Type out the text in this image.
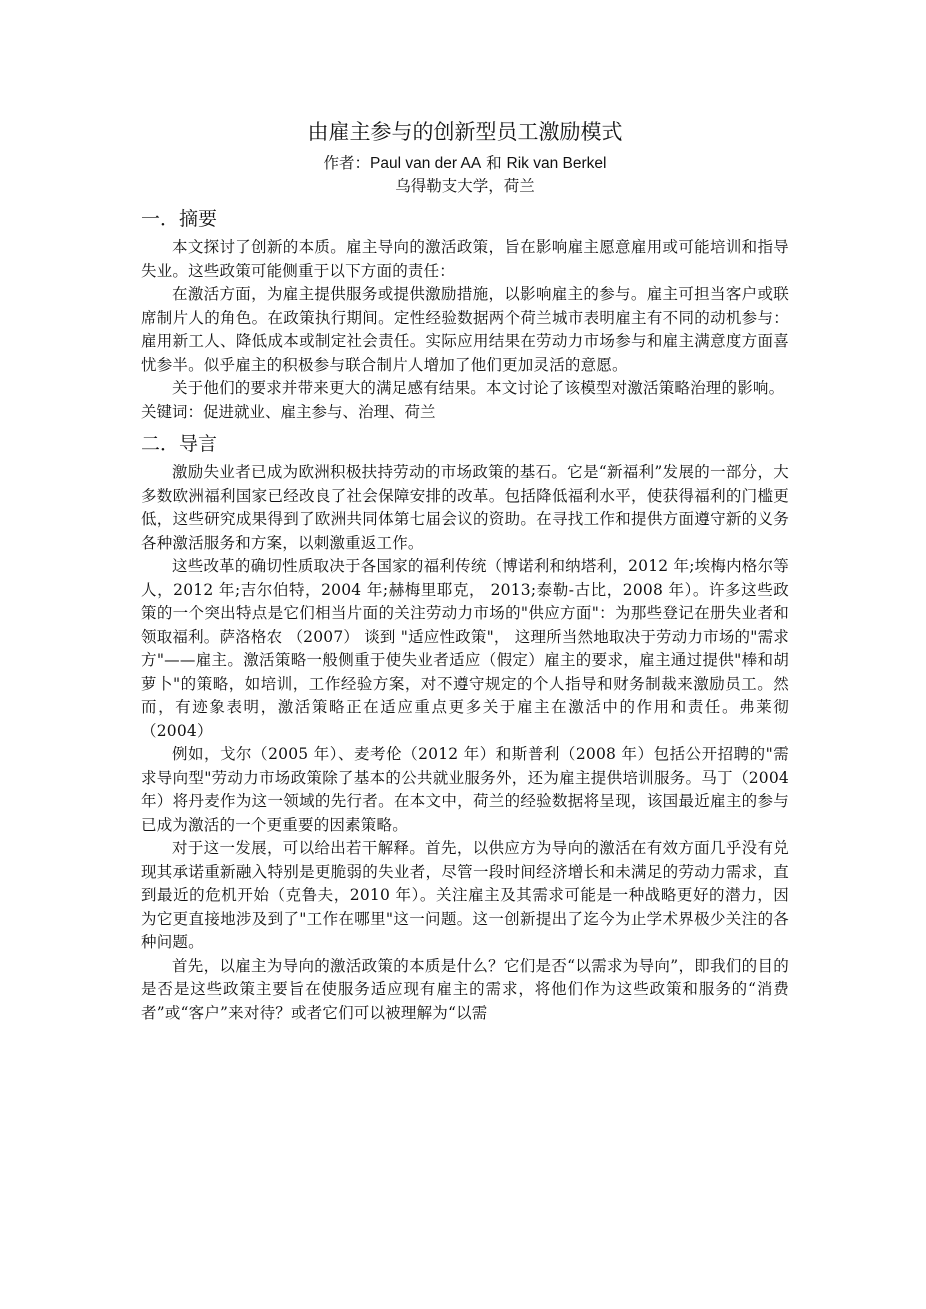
由雇主参与的创新型员工激励模式

作者：Paul van der AA 和 Rik van Berkel

乌得勒支大学，荷兰

一．摘要

本文探讨了创新的本质。雇主导向的激活政策，旨在影响雇主愿意雇用或可能培训和指导失业。这些政策可能侧重于以下方面的责任：

在激活方面，为雇主提供服务或提供激励措施，以影响雇主的参与。雇主可担当客户或联席制片人的角色。在政策执行期间。定性经验数据两个荷兰城市表明雇主有不同的动机参与：雇用新工人、降低成本或制定社会责任。实际应用结果在劳动力市场参与和雇主满意度方面喜忧参半。似乎雇主的积极参与联合制片人增加了他们更加灵活的意愿。

关于他们的要求并带来更大的满足感有结果。本文讨论了该模型对激活策略治理的影响。

关键词：促进就业、雇主参与、治理、荷兰

二．导言

激励失业者已成为欧洲积极扶持劳动的市场政策的基石。它是“新福利”发展的一部分，大多数欧洲福利国家已经改良了社会保障安排的改革。包括降低福利水平，使获得福利的门槛更低，这些研究成果得到了欧洲共同体第七届会议的资助。在寻找工作和提供方面遵守新的义务各种激活服务和方案，以刺激重返工作。

这些改革的确切性质取决于各国家的福利传统（博诺利和纳塔利，2012 年;埃梅内格尔等人，2012 年;吉尔伯特，2004 年;赫梅里耶克， 2013;泰勒-古比，2008 年）。许多这些政策的一个突出特点是它们相当片面的关注劳动力市场的"供应方面"：为那些登记在册失业者和领取福利。萨洛格农 （2007） 谈到 "适应性政策"， 这理所当然地取决于劳动力市场的"需求方"——雇主。激活策略一般侧重于使失业者适应（假定）雇主的要求，雇主通过提供"棒和胡萝卜"的策略，如培训，工作经验方案，对不遵守规定的个人指导和财务制裁来激励员工。然而，有迹象表明，激活策略正在适应重点更多关于雇主在激活中的作用和责任。弗莱彻（2004）

例如，戈尔（2005 年）、麦考伦（2012 年）和斯普利（2008 年）包括公开招聘的"需求导向型"劳动力市场政策除了基本的公共就业服务外，还为雇主提供培训服务。马丁（2004 年）将丹麦作为这一领域的先行者。在本文中，荷兰的经验数据将呈现，该国最近雇主的参与已成为激活的一个更重要的因素策略。

对于这一发展，可以给出若干解释。首先，以供应方为导向的激活在有效方面几乎没有兑现其承诺重新融入特别是更脆弱的失业者，尽管一段时间经济增长和未满足的劳动力需求，直到最近的危机开始（克鲁夫，2010 年）。关注雇主及其需求可能是一种战略更好的潜力，因为它更直接地涉及到了"工作在哪里"这一问题。这一创新提出了迄今为止学术界极少关注的各种问题。

首先，以雇主为导向的激活政策的本质是什么？它们是否“以需求为导向”，即我们的目的是否是这些政策主要旨在使服务适应现有雇主的需求，将他们作为这些政策和服务的“消费者”或“客户”来对待？或者它们可以被理解为“以需
